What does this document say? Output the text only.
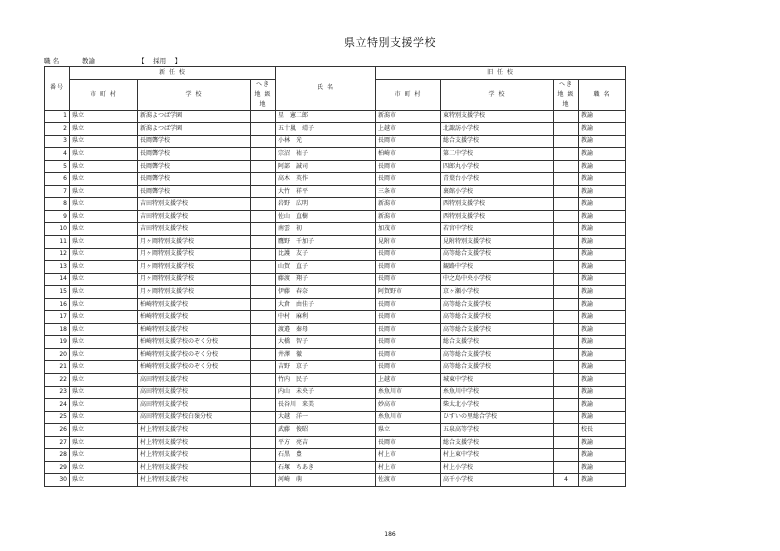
県立特別支援学校
職 名	教諭	【　 採用 　】
番号	新 任 校			氏 名	旧 任 校			
	市 町 村	学 校	へき地 級 地		市 町 村	学 校	へき地 級 地	職 名
1	県立	新潟よつば学園		星　憲二郎	新潟市	東特別支援学校		教諭
2	県立	新潟よつば学園		五十嵐　靖子	上越市	北諏訪小学校		教諭
3	県立	長岡聾学校		小林　光	長岡市	総合支援学校		教諭
4	県立	長岡聾学校		宗沼　祐子	柏崎市	第二中学校		教諭
5	県立	長岡聾学校		阿部　誠司	長岡市	四郎丸小学校		教諭
6	県立	長岡聾学校		高木　英作	長岡市	青葉台小学校		教諭
7	県立	長岡聾学校		大竹　祥平	三条市	裏館小学校		教諭
8	県立	吉田特別支援学校		岩野　広明	新潟市	西特別支援学校		教諭
9	県立	吉田特別支援学校		佐山　直樹	新潟市	西特別支援学校		教諭
10	県立	吉田特別支援学校		南雲　初	加茂市	若宮中学校		教諭
11	県立	月ヶ岡特別支援学校		鷹野　千加子	見附市	見附特別支援学校		教諭
12	県立	月ヶ岡特別支援学校		比護　友子	長岡市	高等総合支援学校		教諭
13	県立	月ヶ岡特別支援学校		山賀　直子	長岡市	観路中学校		教諭
14	県立	月ヶ岡特別支援学校		藤渡　翔子	長岡市	中之島中央小学校		教諭
15	県立	月ヶ岡特別支援学校		伊藤　春奈	阿賀野市	京ヶ瀬小学校		教諭
16	県立	柏崎特別支援学校		大倉　由佳子	長岡市	高等総合支援学校		教諭
17	県立	柏崎特別支援学校		中村　麻利	長岡市	高等総合支援学校		教諭
18	県立	柏崎特別支援学校		渡邉　秦母	長岡市	高等総合支援学校		教諭
19	県立	柏崎特別支援学校のぞく分校		大橋　智子	長岡市	総合支援学校		教諭
20	県立	柏崎特別支援学校のぞく分校		井澤　徹	長岡市	高等総合支援学校		教諭
21	県立	柏崎特別支援学校のぞく分校		吉野　京子	長岡市	高等総合支援学校		教諭
22	県立	高田特別支援学校		竹内　民子	上越市	城東中学校		教諭
23	県立	高田特別支援学校		内山　未央子	糸魚川市	糸魚川中学校		教諭
24	県立	高田特別支援学校		長谷川　来美	妙高市	柴太北小学校		教諭
25	県立	高田特別支援学校白嶺分校		大越　洋一	糸魚川市	ひすいの里総合学校		教諭
26	県立	村上特別支援学校		武藤　俊昭	県立	五泉高等学校		校長
27	県立	村上特別支援学校		平方　亮吉	長岡市	総合支援学校		教諭
28	県立	村上特別支援学校		石黒　豊	村上市	村上東中学校		教諭
29	県立	村上特別支援学校		石塚　ちあき	村上市	村上小学校		教諭
30	県立	村上特別支援学校		河崎　萌	佐渡市	高千小学校	4	教諭
186
